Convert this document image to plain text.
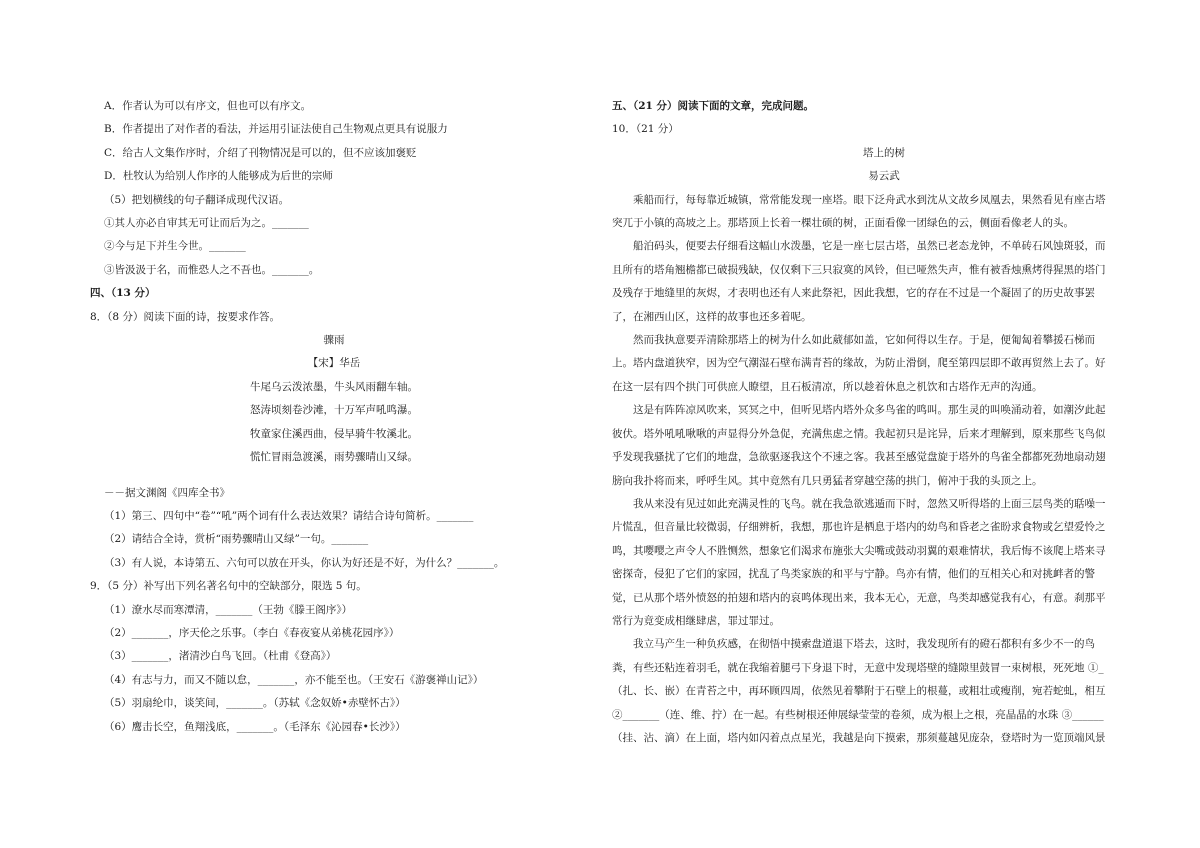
A．作者认为可以有序文，但也可以有序文。
B．作者提出了对作者的看法，并运用引证法使自己生物观点更具有说服力
C．给古人文集作序时，介绍了刊物情况是可以的，但不应该加褒贬
D．杜牧认为给别人作序的人能够成为后世的宗师
（5）把划横线的句子翻译成现代汉语。
①其人亦必自审其无可让而后为之。_______
②今与足下并生今世。_______
③皆汲汲于名，而惟恐人之不吾也。_______。
四、（13 分）
8．（8 分）阅读下面的诗，按要求作答。
骤雨
【宋】华岳
牛尾乌云泼浓墨，牛头风雨翻车轴。
怒涛顷刻卷沙滩，十万军声吼鸣瀑。
牧童家住溪西曲，侵早骑牛牧溪北。
慌忙冒雨急渡溪，雨势骤晴山又绿。
－－据文渊阁《四库全书》
（1）第三、四句中“卷”“吼”两个词有什么表达效果？请结合诗句简析。_______
（2）请结合全诗，赏析“雨势骤晴山又绿”一句。_______
（3）有人说，本诗第五、六句可以放在开头，你认为好还是不好，为什么？_______。
9．（5 分）补写出下列名著名句中的空缺部分，限选 5 句。
（1）潦水尽而寒潭清，_______（王勃《滕王阁序》）
（2）_______，序天伦之乐事。（李白《春夜宴从弟桃花园序》）
（3）_______，渚清沙白鸟飞回。（杜甫《登高》）
（4）有志与力，而又不随以怠，_______，亦不能至也。（王安石《游褒禅山记》）
（5）羽扇纶巾，谈笑间，_______。（苏轼《念奴娇•赤壁怀古》）
（6）鹰击长空，鱼翔浅底，_______。（毛泽东《沁园春•长沙》）
五、（21 分）阅读下面的文章，完成问题。
10．（21 分）
塔上的树
易云武
乘船而行，每每靠近城镇，常常能发现一座塔。眼下泛舟武水到沈从文故乡凤凰去，果然看见有座古塔
突兀于小镇的高坡之上。那塔顶上长着一棵壮硕的树，正面看像一团绿色的云，侧面看像老人的头。
船泊码头，便要去仔细看这幅山水泼墨，它是一座七层古塔，虽然已老态龙钟，不单砖石风蚀斑驳，而
且所有的塔角翘檐都已破损残缺，仅仅剩下三只寂寞的风铃，但已哑然失声，惟有被香烛熏烤得猩黑的塔门
及残存于地缝里的灰烬，才表明也还有人来此祭祀，因此我想，它的存在不过是一个凝固了的历史故事罢
了，在湘西山区，这样的故事也还多着呢。
然而我执意要弄清除那塔上的树为什么如此葳郁如盖，它如何得以生存。于是，便匍匐着攀援石梯而
上。塔内盘道狭窄，因为空气潮湿石壁布满青苔的缘故，为防止滑倒，爬至第四层即不敢再贸然上去了。好
在这一层有四个拱门可供庶人瞭望，且石板清凉，所以趁着休息之机饮和古塔作无声的沟通。
这是有阵阵凉风吹来，冥冥之中，但听见塔内塔外众多鸟雀的鸣叫。那生灵的叫唤涌动着，如潮汐此起
彼伏。塔外吼吼啾啾的声显得分外急促，充满焦虑之情。我起初只是诧异，后来才理解到，原来那些飞鸟似
乎发现我骚扰了它们的地盘，急欲驱逐我这个不速之客。我甚至感觉盘旋于塔外的鸟雀全都都死劲地扇动翅
膀向我扑将而来，呼呼生风。其中竟然有几只勇猛者穿越空荡的拱门，俯冲于我的头顶之上。
我从来没有见过如此充满灵性的飞鸟。就在我急欲逃遁而下时，忽然又听得塔的上面三层鸟类的聒噪一
片慌乱，但音量比较微弱，仔细辨析，我想，那也许是栖息于塔内的幼鸟和昏老之雀盼求食物或乞望爱怜之
鸣，其嘤嘤之声令人不胜恻然，想象它们渴求布施张大尖嘴或鼓动羽翼的艰难情状，我后悔不该爬上塔来寻
密探奇，侵犯了它们的家园，扰乱了鸟类家族的和平与宁静。鸟亦有情，他们的互相关心和对挑衅者的警
觉，已从那个塔外愤怒的拍翅和塔内的哀鸣体现出来，我本无心，无意，鸟类却感觉我有心，有意。刹那平
常行为竟变成相继肆虐，罪过罪过。
我立马产生一种负疚感，在彻悟中摸索盘道退下塔去，这时，我发现所有的磴石都积有多少不一的鸟
粪，有些还粘连着羽毛，就在我缩着腿弓下身退下时，无意中发现塔壁的缝隙里鼓冒一束树根，死死地 ①_
（扎、长、嵌）在青苔之中，再环顾四周，依然见着攀附于石壁上的根蔓，或粗壮或瘦削，宛若蛇虬，相互
②_______（连、维、拧）在一起。有些树根还伸展绿莹莹的卷须，成为根上之根，亮晶晶的水珠 ③______
（挂、沾、滴）在上面，塔内如闪着点点星光，我越是向下摸索，那须蔓越见庞杂，登塔时为一览顶端风景
